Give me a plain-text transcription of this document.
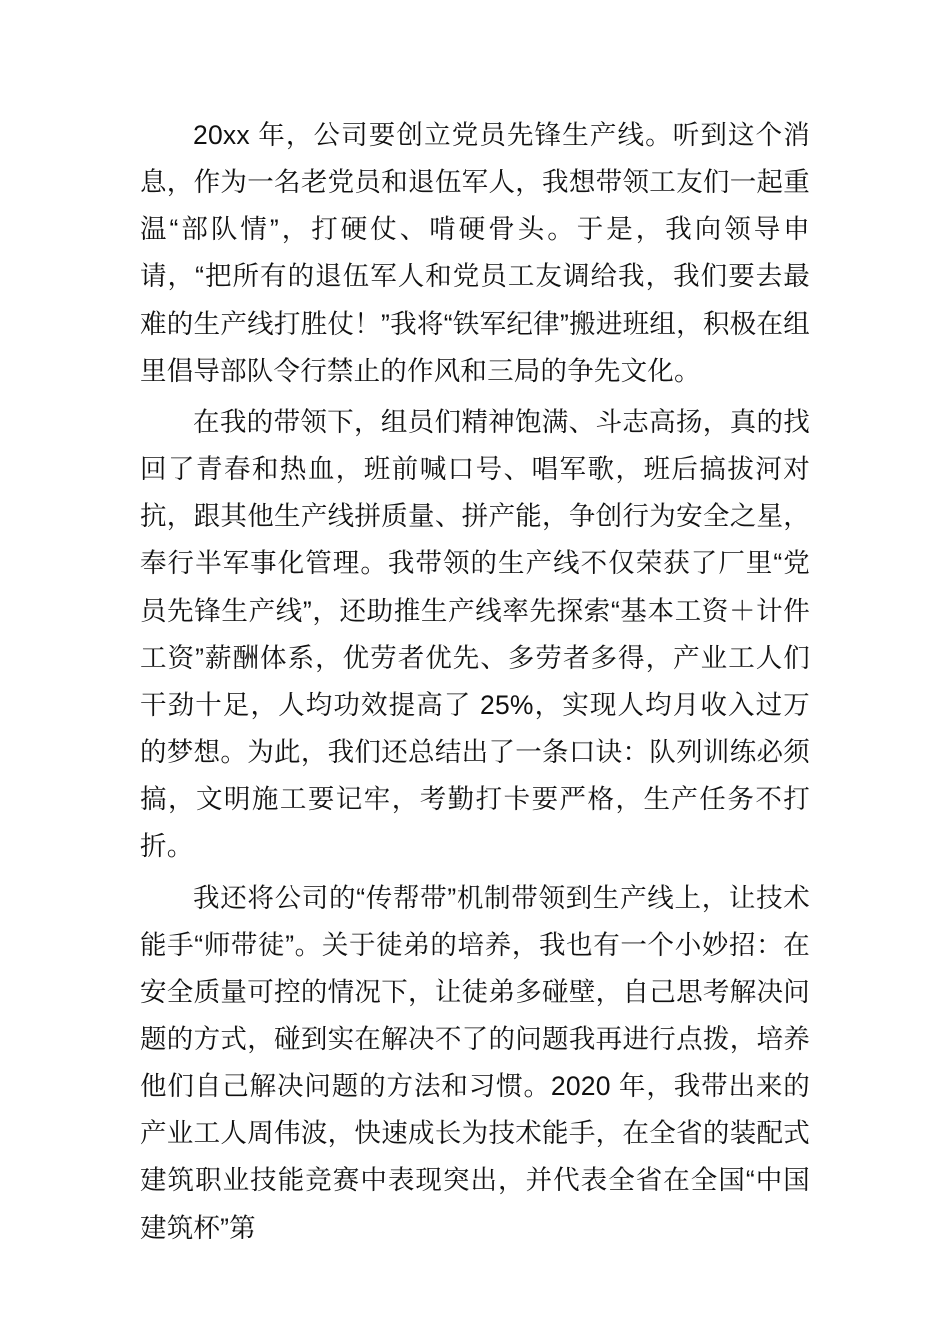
20xx 年，公司要创立党员先锋生产线。听到这个消息，作为一名老党员和退伍军人，我想带领工友们一起重温“部队情”，打硬仗、啃硬骨头。于是，我向领导申请，“把所有的退伍军人和党员工友调给我，我们要去最难的生产线打胜仗！”我将“铁军纪律”搬进班组，积极在组里倡导部队令行禁止的作风和三局的争先文化。

在我的带领下，组员们精神饱满、斗志高扬，真的找回了青春和热血，班前喊口号、唱军歌，班后搞拔河对抗，跟其他生产线拼质量、拼产能，争创行为安全之星，奉行半军事化管理。我带领的生产线不仅荣获了厂里“党员先锋生产线”，还助推生产线率先探索“基本工资＋计件工资”薪酬体系，优劳者优先、多劳者多得，产业工人们干劲十足，人均功效提高了 25%，实现人均月收入过万的梦想。为此，我们还总结出了一条口诀：队列训练必须搞，文明施工要记牢，考勤打卡要严格，生产任务不打折。

我还将公司的“传帮带”机制带领到生产线上，让技术能手“师带徒”。关于徒弟的培养，我也有一个小妙招：在安全质量可控的情况下，让徒弟多碰壁，自己思考解决问题的方式，碰到实在解决不了的问题我再进行点拨，培养他们自己解决问题的方法和习惯。2020 年，我带出来的产业工人周伟波，快速成长为技术能手，在全省的装配式建筑职业技能竞赛中表现突出，并代表全省在全国“中国建筑杯”第
